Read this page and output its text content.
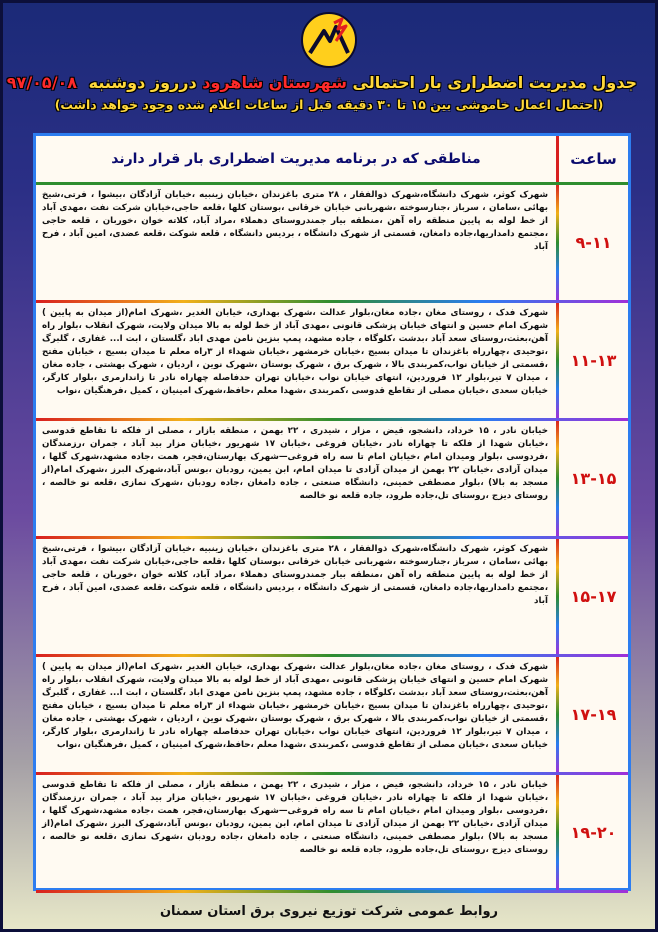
جدول مدیریت اضطراری بار احتمالی شهرستان شاهرود درروز دوشنبه ۹۷/۰۵/۰۸
(احتمال اعمال خاموشی بین ۱۵ تا ۳۰ دقیقه قبل از ساعات اعلام شده وجود خواهد داشت)
ساعت
مناطقی که در برنامه مدیریت اضطراری بار قرار دارند
۹-۱۱
شهرک کوثر، شهرک دانشگاه،شهرک ذوالفقار ، ۲۸ متری باغزندان ،خیابان زینبیه ،خیابان آزادگان ،بیشوا ، فرتی،شیخ بهائی ،سامان ، سرباز ،جنارسوخته ،شهربانی خیابان خرقانی ،بوستان کلها ،قلعه حاجی،خیابان شرکت نفت ،مهدی آباد از خط لوله به پایین منطقه راه آهن ،منطقه بیار جمندروستای دهملاء ،مراد آباد، کلاته خوان ،خوربان ، قلعه حاجی ،مجتمع دامداریها،جاده دامغان، قسمتی از شهرک دانشگاه ، بردیس دانشگاه ، قلعه شوکت ،قلعه عضدی، امین آباد ، فرح آباد
۱۱-۱۳
شهرک فدک ، روستای مغان ،جاده مغان،بلوار عدالت ،شهرک بهداری، خیابان الغدیر ،شهرک امام(از میدان به پایین ) شهرک امام حسین و انتهای خیابان پزشکی قانونی ،مهدی آباد از خط لوله به بالا میدان ولایت، شهرک انقلاب ،بلوار راه آهن،بعثت،روستای سعد آباد ،بدشت ،کلوگاه ، جاده مشهد، پمپ بنزین نامن مهدی اباد ،گلستان ، ابت ا... غفاری ، گلبرگ ،توحیدی ،چهارراه باغزندان تا میدان بسیج ،خیابان خرمشهر ،خیابان شهداء از ۳راه معلم تا میدان بسیج ، خیابان مفتح ،قسمتی از خیابان نواب،کمربندی بالا ، شهرک برق ، شهرک بوستان ،شهرک نوین ، اردیان ، شهرک بهشتی ، جاده مغان ، میدان ۷ تیر،بلوار ۱۲ فروردین، انتهای خیابان نواب ،خیابان تهران حدفاصله چهاراه نادر تا زاندارمری ،بلوار کارگر، خیابان سعدی ،خیابان مصلی از تقاطع قدوسی ،کمربندی ،شهدا معلم ،حافظ،شهرک امینیان ، کمیل ،فرهنگیان ،نواب
۱۳-۱۵
خیابان نادر ، ۱۵ خرداد، دانشجو، فیض ، مزار ، شیدری ، ۲۲ بهمن ، منطقه بازار ، مصلی از فلکه تا تقاطع قدوسی ،خیابان شهدا از فلکه تا چهاراه نادر ،خیابان فروغی ،خیابان ۱۷ شهریور ،خیابان مزار بید آباد ، جمران ،رزمندگان ،فردوسی ،بلوار ومیدان امام ،خیابان امام تا سه راه فروغی—شهرک بهارستان،فجر، همت ،جاده مشهد،شهرک گلها ، میدان آزادی ،خیابان ۲۲ بهمن از میدان آزادی تا میدان امام، ابن یمین، رودبان ،بونس آباد،شهرک البرز ،شهرک امام(از مسجد به بالا) ،بلوار مصطفی خمینی، دانشگاه صنعتی ، جاده دامغان ،جاده رودبان ،شهرک نمازی ،قلعه نو خالصه ، روستای دیزج ،روستای تل،جاده طرود، جاده قلعه نو خالصه
۱۵-۱۷
شهرک کوثر، شهرک دانشگاه،شهرک ذوالفقار ، ۲۸ متری باغزندان ،خیابان زینبیه ،خیابان آزادگان ،بیشوا ، فرتی،شیخ بهائی ،سامان ، سرباز ،جنارسوخته ،شهربانی خیابان خرقانی ،بوستان کلها ،قلعه حاجی،خیابان شرکت نفت ،مهدی آباد از خط لوله به پایین منطقه راه آهن ،منطقه بیار جمندروستای دهملاء ،مراد آباد، کلاته خوان ،خوربان ، قلعه حاجی ،مجتمع دامداریها،جاده دامغان، قسمتی از شهرک دانشگاه ، بردیس دانشگاه ، قلعه شوکت ،قلعه عضدی، امین آباد ، فرح آباد
۱۷-۱۹
شهرک فدک ، روستای مغان ،جاده مغان،بلوار عدالت ،شهرک بهداری، خیابان الغدیر ،شهرک امام(از میدان به پایین ) شهرک امام حسین و انتهای خیابان پزشکی قانونی ،مهدی آباد از خط لوله به بالا میدان ولایت، شهرک انقلاب ،بلوار راه آهن،بعثت،روستای سعد آباد ،بدشت ،کلوگاه ، جاده مشهد، پمپ بنزین نامن مهدی اباد ،گلستان ، ابت ا... غفاری ، گلبرگ ،توحیدی ،چهارراه باغزندان تا میدان بسیج ،خیابان خرمشهر ،خیابان شهداء از ۳راه معلم تا میدان بسیج ، خیابان مفتح ،قسمتی از خیابان نواب،کمربندی بالا ، شهرک برق ، شهرک بوستان ،شهرک نوین ، اردیان ، شهرک بهشتی ، جاده مغان ، میدان ۷ تیر،بلوار ۱۲ فروردین، انتهای خیابان نواب ،خیابان تهران حدفاصله چهاراه نادر تا زاندارمری ،بلوار کارگر، خیابان سعدی ،خیابان مصلی از تقاطع قدوسی ،کمربندی ،شهدا معلم ،حافظ،شهرک امینیان ، کمیل ،فرهنگیان ،نواب
۱۹-۲۰
خیابان نادر ، ۱۵ خرداد، دانشجو، فیض ، مزار ، شیدری ، ۲۲ بهمن ، منطقه بازار ، مصلی از فلکه تا تقاطع قدوسی ،خیابان شهدا از فلکه تا چهاراه نادر ،خیابان فروغی ،خیابان ۱۷ شهریور ،خیابان مزار بید آباد ، جمران ،رزمندگان ،فردوسی ،بلوار ومیدان امام ،خیابان امام تا سه راه فروغی—شهرک بهارستان،فجر، همت ،جاده مشهد،شهرک گلها ، میدان آزادی ،خیابان ۲۲ بهمن از میدان آزادی تا میدان امام، ابن یمین، رودبان ،بونس آباد،شهرک البرز ،شهرک امام(از مسجد به بالا) ،بلوار مصطفی خمینی، دانشگاه صنعتی ، جاده دامغان ،جاده رودبان ،شهرک نمازی ،قلعه نو خالصه ، روستای دیزج ،روستای تل،جاده طرود، جاده قلعه نو خالصه
روابط عمومی شرکت توزیع نیروی برق استان سمنان
